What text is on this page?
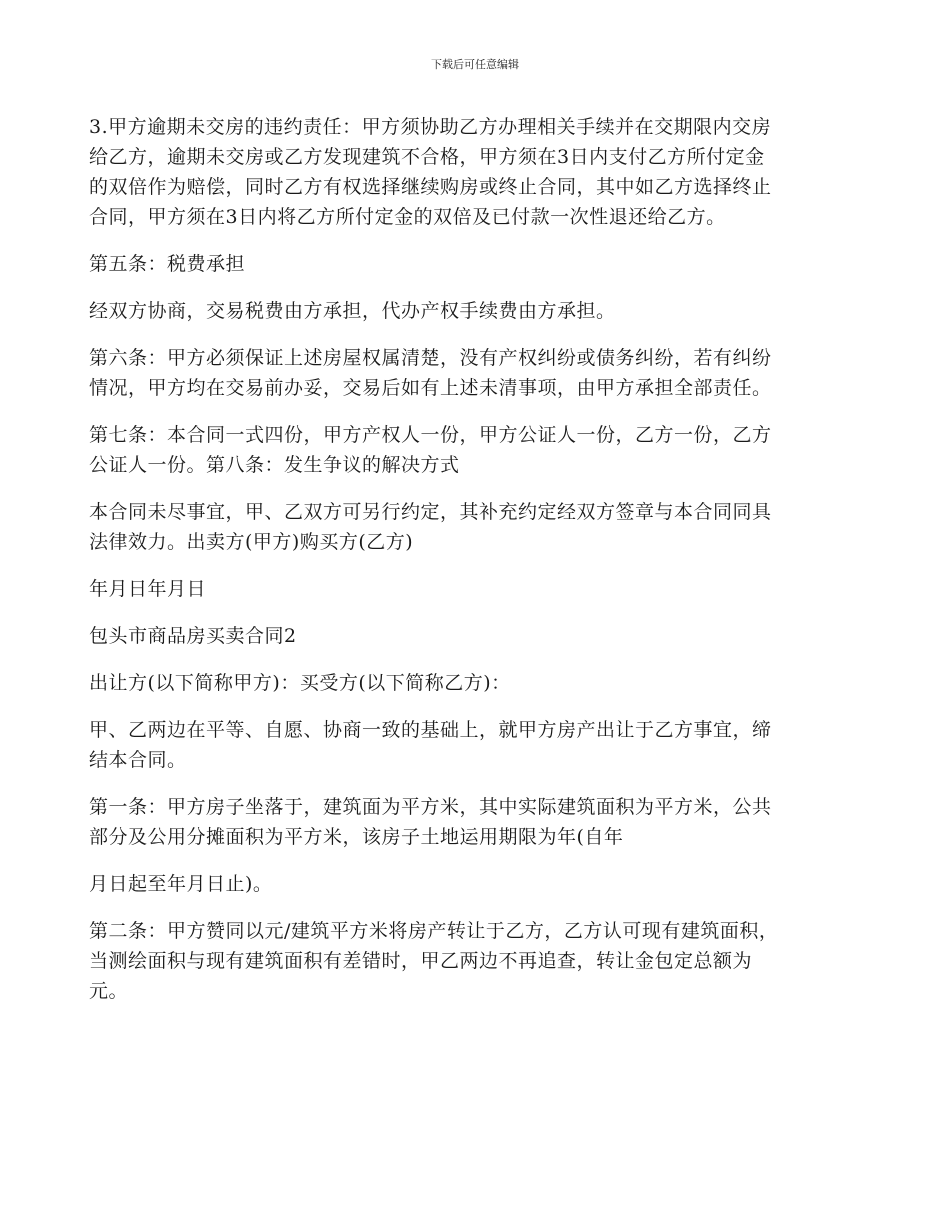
下载后可任意编辑

3.甲方逾期未交房的违约责任：甲方须协助乙方办理相关手续并在交期限内交房
给乙方，逾期未交房或乙方发现建筑不合格，甲方须在3日内支付乙方所付定金
的双倍作为赔偿，同时乙方有权选择继续购房或终止合同，其中如乙方选择终止
合同，甲方须在3日内将乙方所付定金的双倍及已付款一次性退还给乙方。

第五条：税费承担

经双方协商，交易税费由方承担，代办产权手续费由方承担。

第六条：甲方必须保证上述房屋权属清楚，没有产权纠纷或债务纠纷，若有纠纷
情况，甲方均在交易前办妥，交易后如有上述未清事项，由甲方承担全部责任。

第七条：本合同一式四份，甲方产权人一份，甲方公证人一份，乙方一份，乙方
公证人一份。第八条：发生争议的解决方式

本合同未尽事宜，甲、乙双方可另行约定，其补充约定经双方签章与本合同同具
法律效力。出卖方(甲方)购买方(乙方)

年月日年月日

包头市商品房买卖合同2

出让方(以下简称甲方)：买受方(以下简称乙方)：

甲、乙两边在平等、自愿、协商一致的基础上，就甲方房产出让于乙方事宜，缔
结本合同。

第一条：甲方房子坐落于，建筑面为平方米，其中实际建筑面积为平方米，公共
部分及公用分摊面积为平方米，该房子土地运用期限为年(自年

月日起至年月日止)。

第二条：甲方赞同以元/建筑平方米将房产转让于乙方，乙方认可现有建筑面积，
当测绘面积与现有建筑面积有差错时，甲乙两边不再追查，转让金包定总额为
元。
